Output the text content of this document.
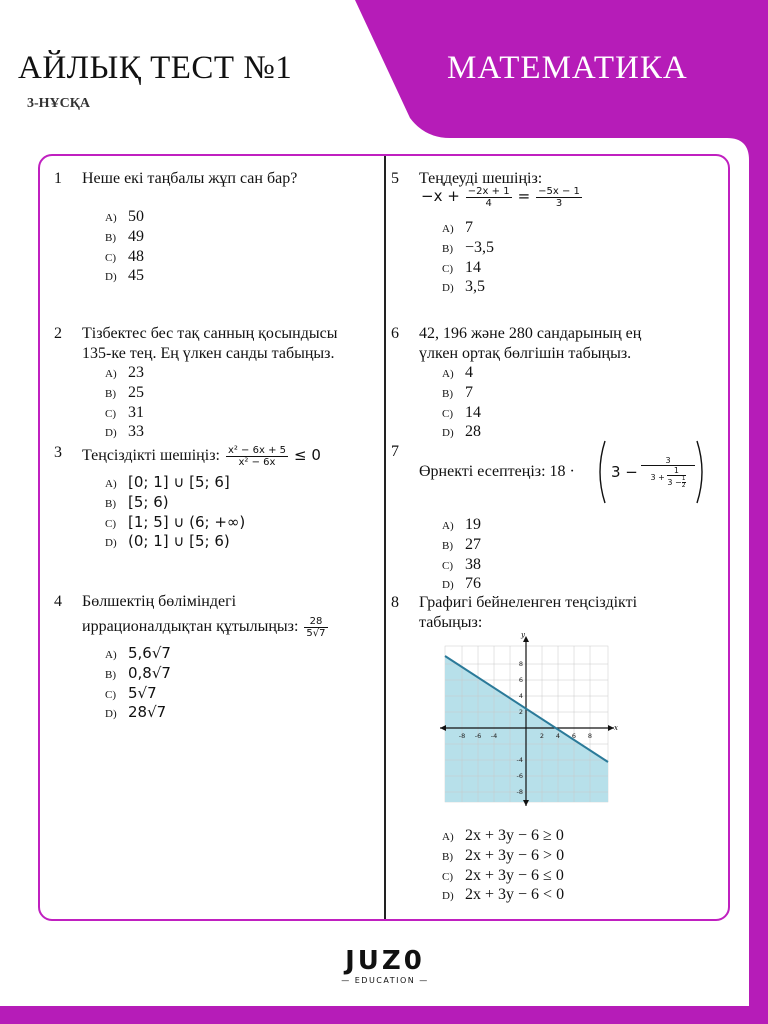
АЙЛЫҚ ТЕСТ №1	МАТЕМАТИКА
3-НҰСҚА
1 Неше екі таңбалы жұп сан бар?
A) 50
B) 49
C) 48
D) 45
2 Тізбектес бес тақ санның қосындысы
135-ке тең. Ең үлкен санды табыңыз.
A) 23
B) 25
C) 31
D) 33
3 Теңсіздікті шешіңіз: $\frac{\text{x² − 6x + 5}}{\text{x² − 6x}} \le 0$
A) [0; 1] ∪ [5; 6]
B) [5; 6)
C) [1; 5] ∪ (6; +∞)
D) (0; 1] ∪ [5; 6)
4 Бөлшектің бөліміндегі
иррационалдықтан құтылыңыз: $\frac{28}{5√7}$
A) 5,6√7
B) 0,8√7
C) 5√7
D) 28√7
5 Теңдеуді шешіңіз:
$-x + \frac{-2x + 1}{4} = \frac{-5x - 1}{3}$
A) 7
B) −3,5
C) 14
D) 3,5
6 42, 196 және 280 сандарының ең
үлкен ортақ бөлгішін табыңыз.
A) 4
B) 7
C) 14
D) 28
7
Өрнекті есептеңіз: 18 · 3 −
3
$3 + \frac{1}{3 - \frac{1}{2}}$
A) 19
B) 27
C) 38
D) 76
8 Графигі бейнеленген теңсіздікті
табыңыз:
A) 2x + 3y − 6 ≥ 0
B) 2x + 3y − 6 > 0
C) 2x + 3y − 6 ≤ 0
D) 2x + 3y − 6 < 0
x
y
-8 -6 -4	2 4 6 8
8
6
4
2
-4
-6
-8
JUZ0
— EDUCATION —
